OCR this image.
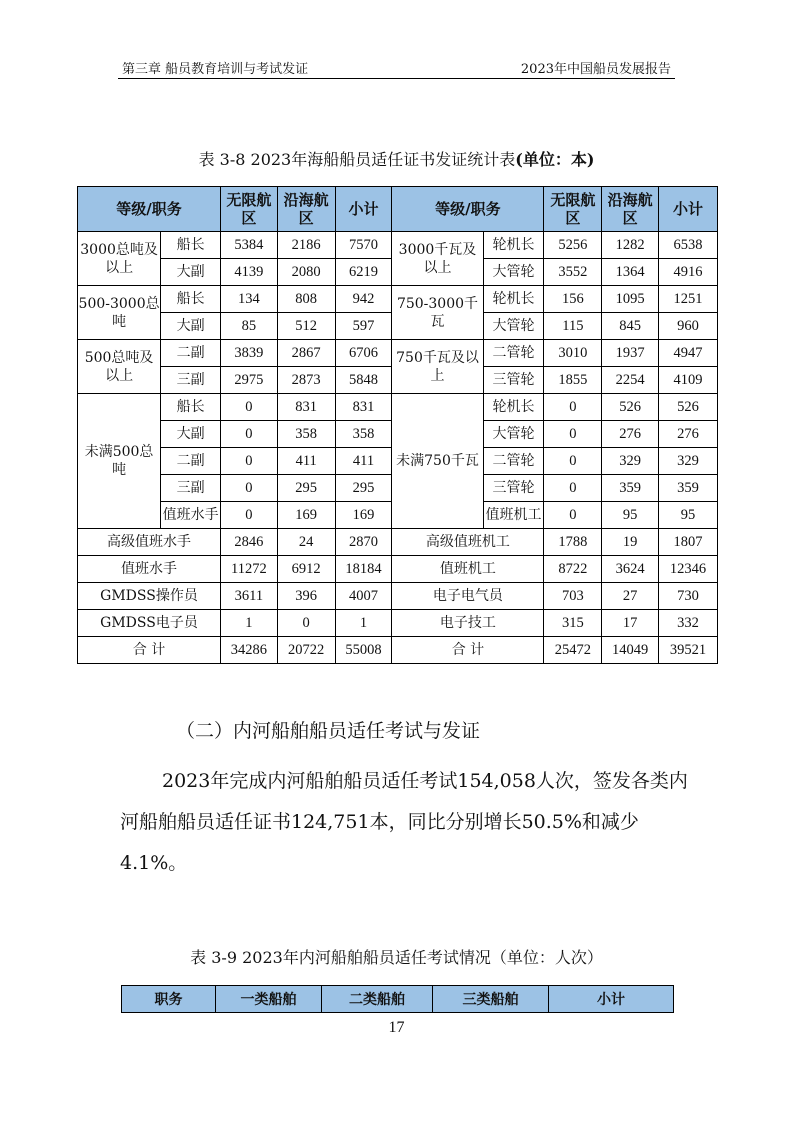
第三章 船员教育培训与考试发证	2023年中国船员发展报告
表 3-8 2023年海船船员适任证书发证统计表(单位：本)
等级/职务		无限航区	沿海航区	小计	等级/职务		无限航区	沿海航区	小计
3000总吨及以上	船长	5384	2186	7570	3000千瓦及以上	轮机长	5256	1282	6538
	大副	4139	2080	6219		大管轮	3552	1364	4916
500-3000总吨	船长	134	808	942	750-3000千瓦	轮机长	156	1095	1251
	大副	85	512	597		大管轮	115	845	960
500总吨及以上	二副	3839	2867	6706	750千瓦及以上	二管轮	3010	1937	4947
	三副	2975	2873	5848		三管轮	1855	2254	4109
未满500总吨	船长	0	831	831	未满750千瓦	轮机长	0	526	526
	大副	0	358	358		大管轮	0	276	276
	二副	0	411	411		二管轮	0	329	329
	三副	0	295	295		三管轮	0	359	359
	值班水手	0	169	169		值班机工	0	95	95
高级值班水手		2846	24	2870	高级值班机工		1788	19	1807
值班水手		11272	6912	18184	值班机工		8722	3624	12346
GMDSS操作员		3611	396	4007	电子电气员		703	27	730
GMDSS电子员		1	0	1	电子技工		315	17	332
合 计		34286	20722	55008	合 计		25472	14049	39521
（二）内河船舶船员适任考试与发证
2023年完成内河船舶船员适任考试154,058人次，签发各类内河船舶船员适任证书124,751本，同比分别增长50.5%和减少4.1%。
表 3-9 2023年内河船舶船员适任考试情况（单位：人次）
职务	一类船舶	二类船舶	三类船舶	小计
17
